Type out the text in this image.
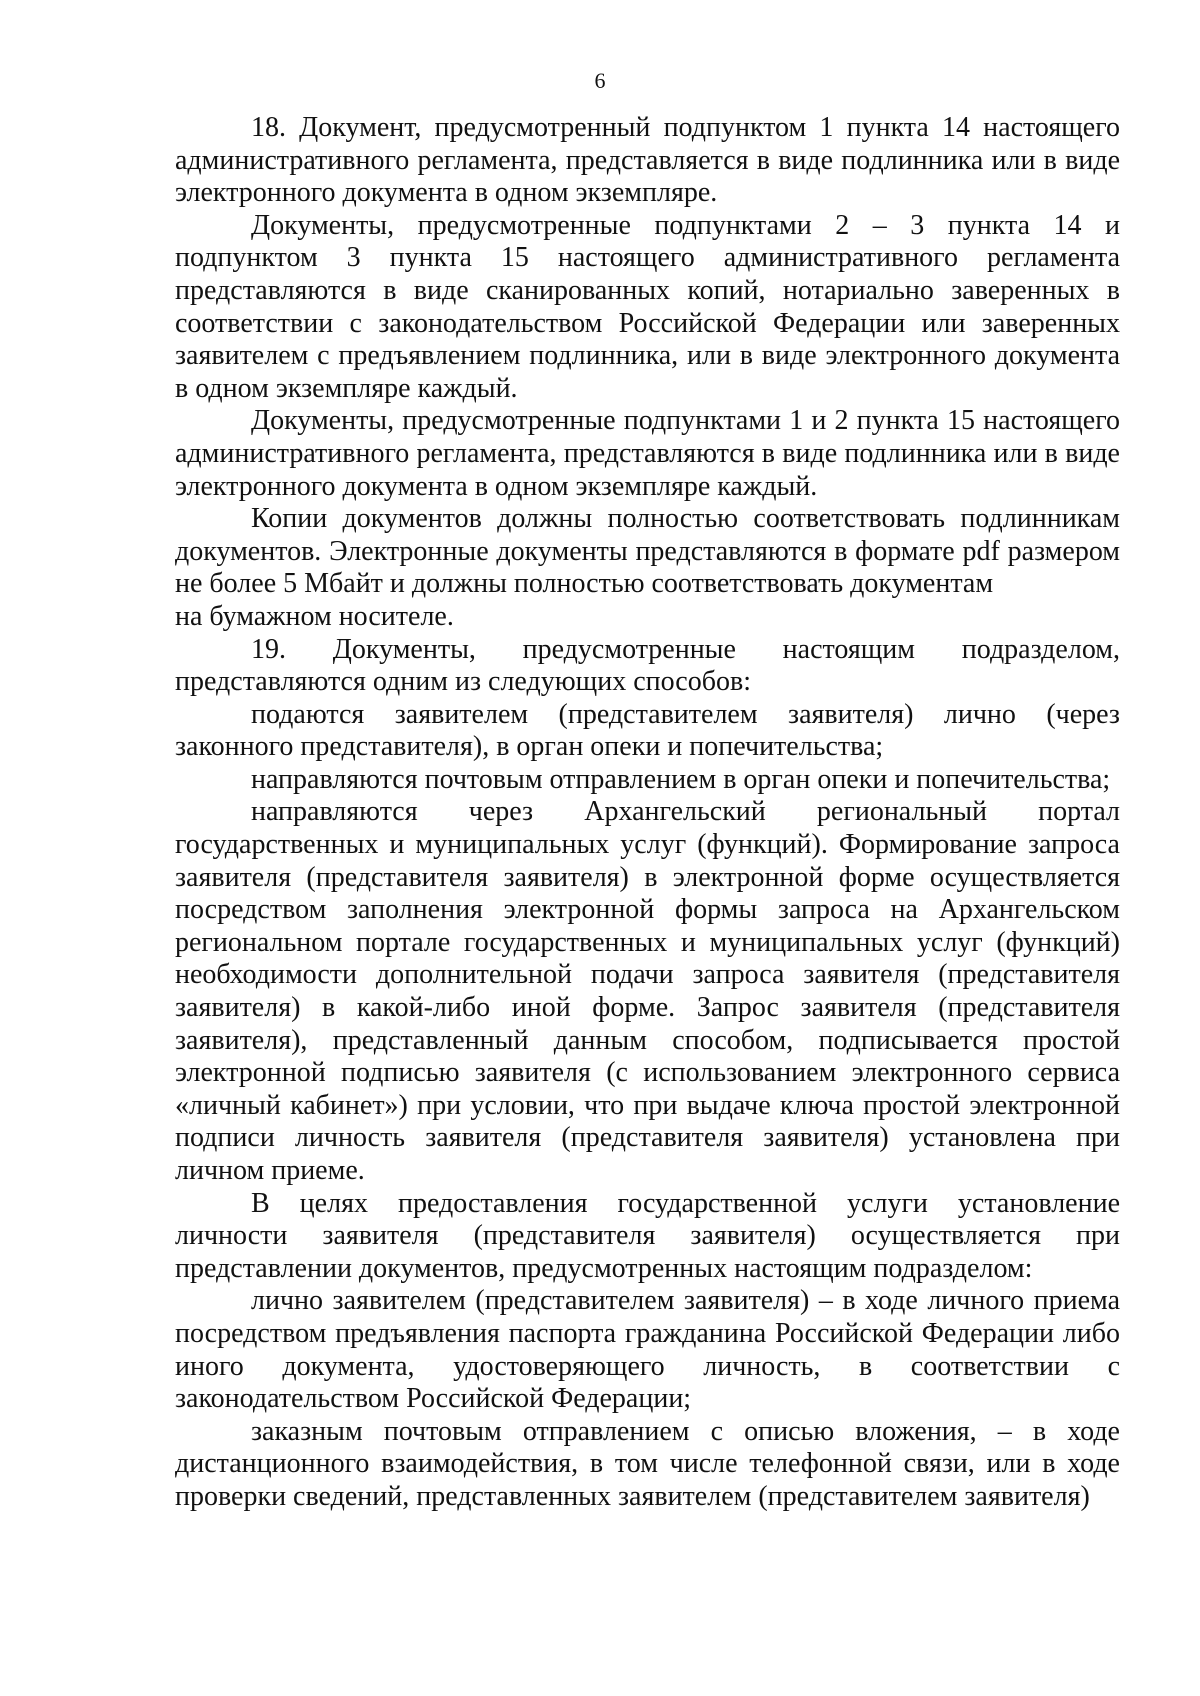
6

18. Документ, предусмотренный подпунктом 1 пункта 14 настоящего административного регламента, представляется в виде подлинника или в виде электронного документа в одном экземпляре.

Документы, предусмотренные подпунктами 2 – 3 пункта 14 и подпунктом 3 пункта 15 настоящего административного регламента представляются в виде сканированных копий, нотариально заверенных в соответствии с законодательством Российской Федерации или заверенных заявителем с предъявлением подлинника, или в виде электронного документа в одном экземпляре каждый.

Документы, предусмотренные подпунктами 1 и 2 пункта 15 настоящего административного регламента, представляются в виде подлинника или в виде электронного документа в одном экземпляре каждый.

Копии документов должны полностью соответствовать подлинникам документов. Электронные документы представляются в формате pdf размером не более 5 Мбайт и должны полностью соответствовать документам

на бумажном носителе.

19. Документы, предусмотренные настоящим подразделом, представляются одним из следующих способов:

подаются заявителем (представителем заявителя) лично (через законного представителя), в орган опеки и попечительства;

направляются почтовым отправлением в орган опеки и попечительства;

направляются через Архангельский региональный портал государственных и муниципальных услуг (функций). Формирование запроса заявителя (представителя заявителя) в электронной форме осуществляется посредством заполнения электронной формы запроса на Архангельском региональном портале государственных и муниципальных услуг (функций) необходимости дополнительной подачи запроса заявителя (представителя заявителя) в какой-либо иной форме. Запрос заявителя (представителя заявителя), представленный данным способом, подписывается простой электронной подписью заявителя (с использованием электронного сервиса «личный кабинет») при условии, что при выдаче ключа простой электронной подписи личность заявителя (представителя заявителя) установлена при личном приеме.

В целях предоставления государственной услуги установление личности заявителя (представителя заявителя) осуществляется при представлении документов, предусмотренных настоящим подразделом:

лично заявителем (представителем заявителя) – в ходе личного приема посредством предъявления паспорта гражданина Российской Федерации либо иного документа, удостоверяющего личность, в соответствии с законодательством Российской Федерации;

заказным почтовым отправлением с описью вложения, – в ходе дистанционного взаимодействия, в том числе телефонной связи, или в ходе проверки сведений, представленных заявителем (представителем заявителя)
